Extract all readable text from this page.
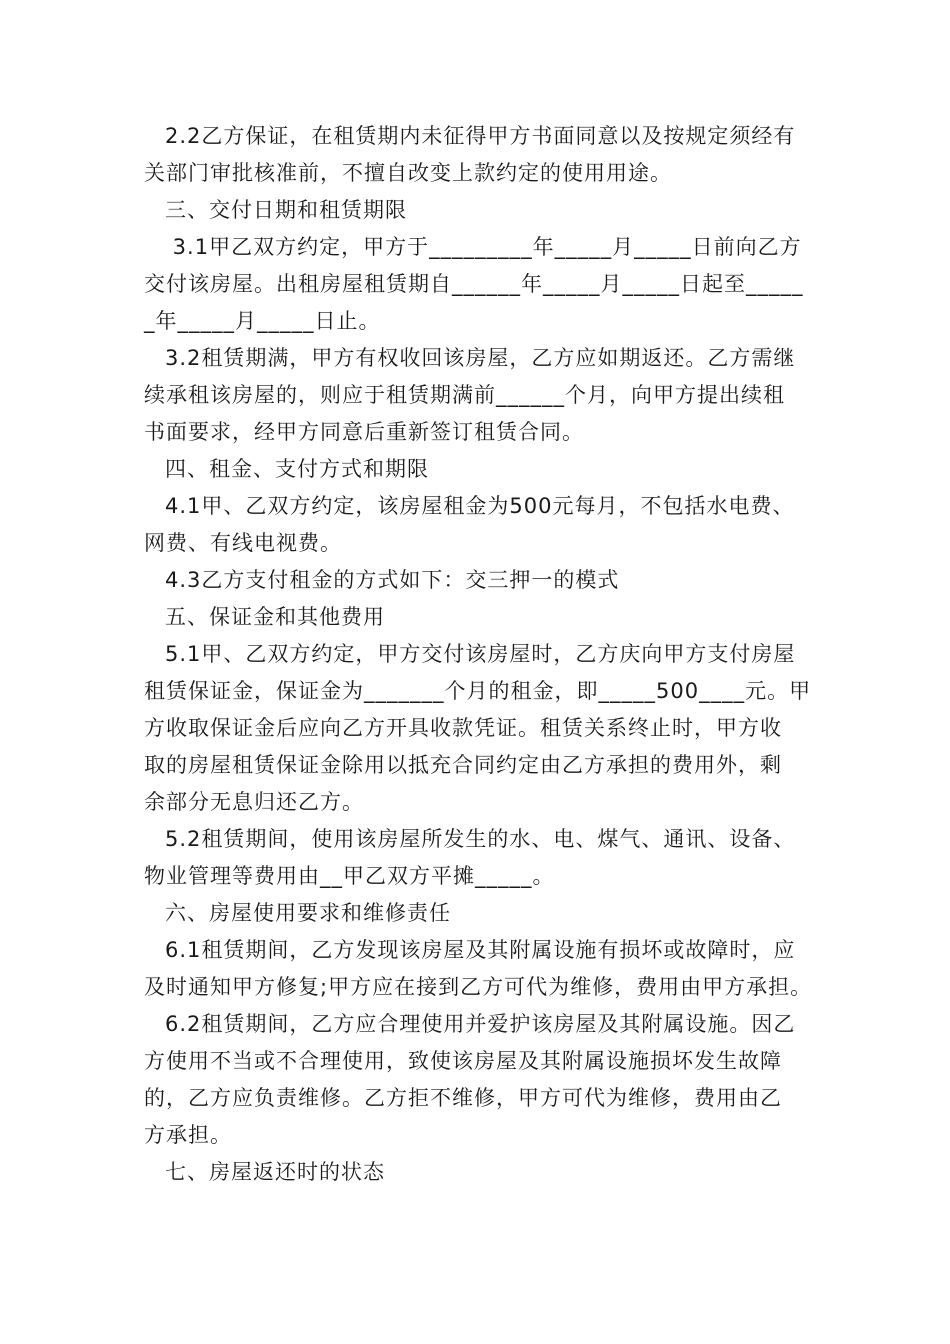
2.2乙方保证，在租赁期内未征得甲方书面同意以及按规定须经有
关部门审批核准前，不擅自改变上款约定的使用用途。
三、交付日期和租赁期限
3.1甲乙双方约定，甲方于_________年_____月_____日前向乙方
交付该房屋。出租房屋租赁期自______年_____月_____日起至_____
_年_____月_____日止。
3.2租赁期满，甲方有权收回该房屋，乙方应如期返还。乙方需继
续承租该房屋的，则应于租赁期满前______个月，向甲方提出续租
书面要求，经甲方同意后重新签订租赁合同。
四、租金、支付方式和期限
4.1甲、乙双方约定，该房屋租金为500元每月，不包括水电费、
网费、有线电视费。
4.3乙方支付租金的方式如下：交三押一的模式
五、保证金和其他费用
5.1甲、乙双方约定，甲方交付该房屋时，乙方庆向甲方支付房屋
租赁保证金，保证金为_______个月的租金，即_____500____元。甲
方收取保证金后应向乙方开具收款凭证。租赁关系终止时，甲方收
取的房屋租赁保证金除用以抵充合同约定由乙方承担的费用外，剩
余部分无息归还乙方。
5.2租赁期间，使用该房屋所发生的水、电、煤气、通讯、设备、
物业管理等费用由__甲乙双方平摊_____。
六、房屋使用要求和维修责任
6.1租赁期间，乙方发现该房屋及其附属设施有损坏或故障时，应
及时通知甲方修复;甲方应在接到乙方可代为维修，费用由甲方承担。
6.2租赁期间，乙方应合理使用并爱护该房屋及其附属设施。因乙
方使用不当或不合理使用，致使该房屋及其附属设施损坏发生故障
的，乙方应负责维修。乙方拒不维修，甲方可代为维修，费用由乙
方承担。
七、房屋返还时的状态
